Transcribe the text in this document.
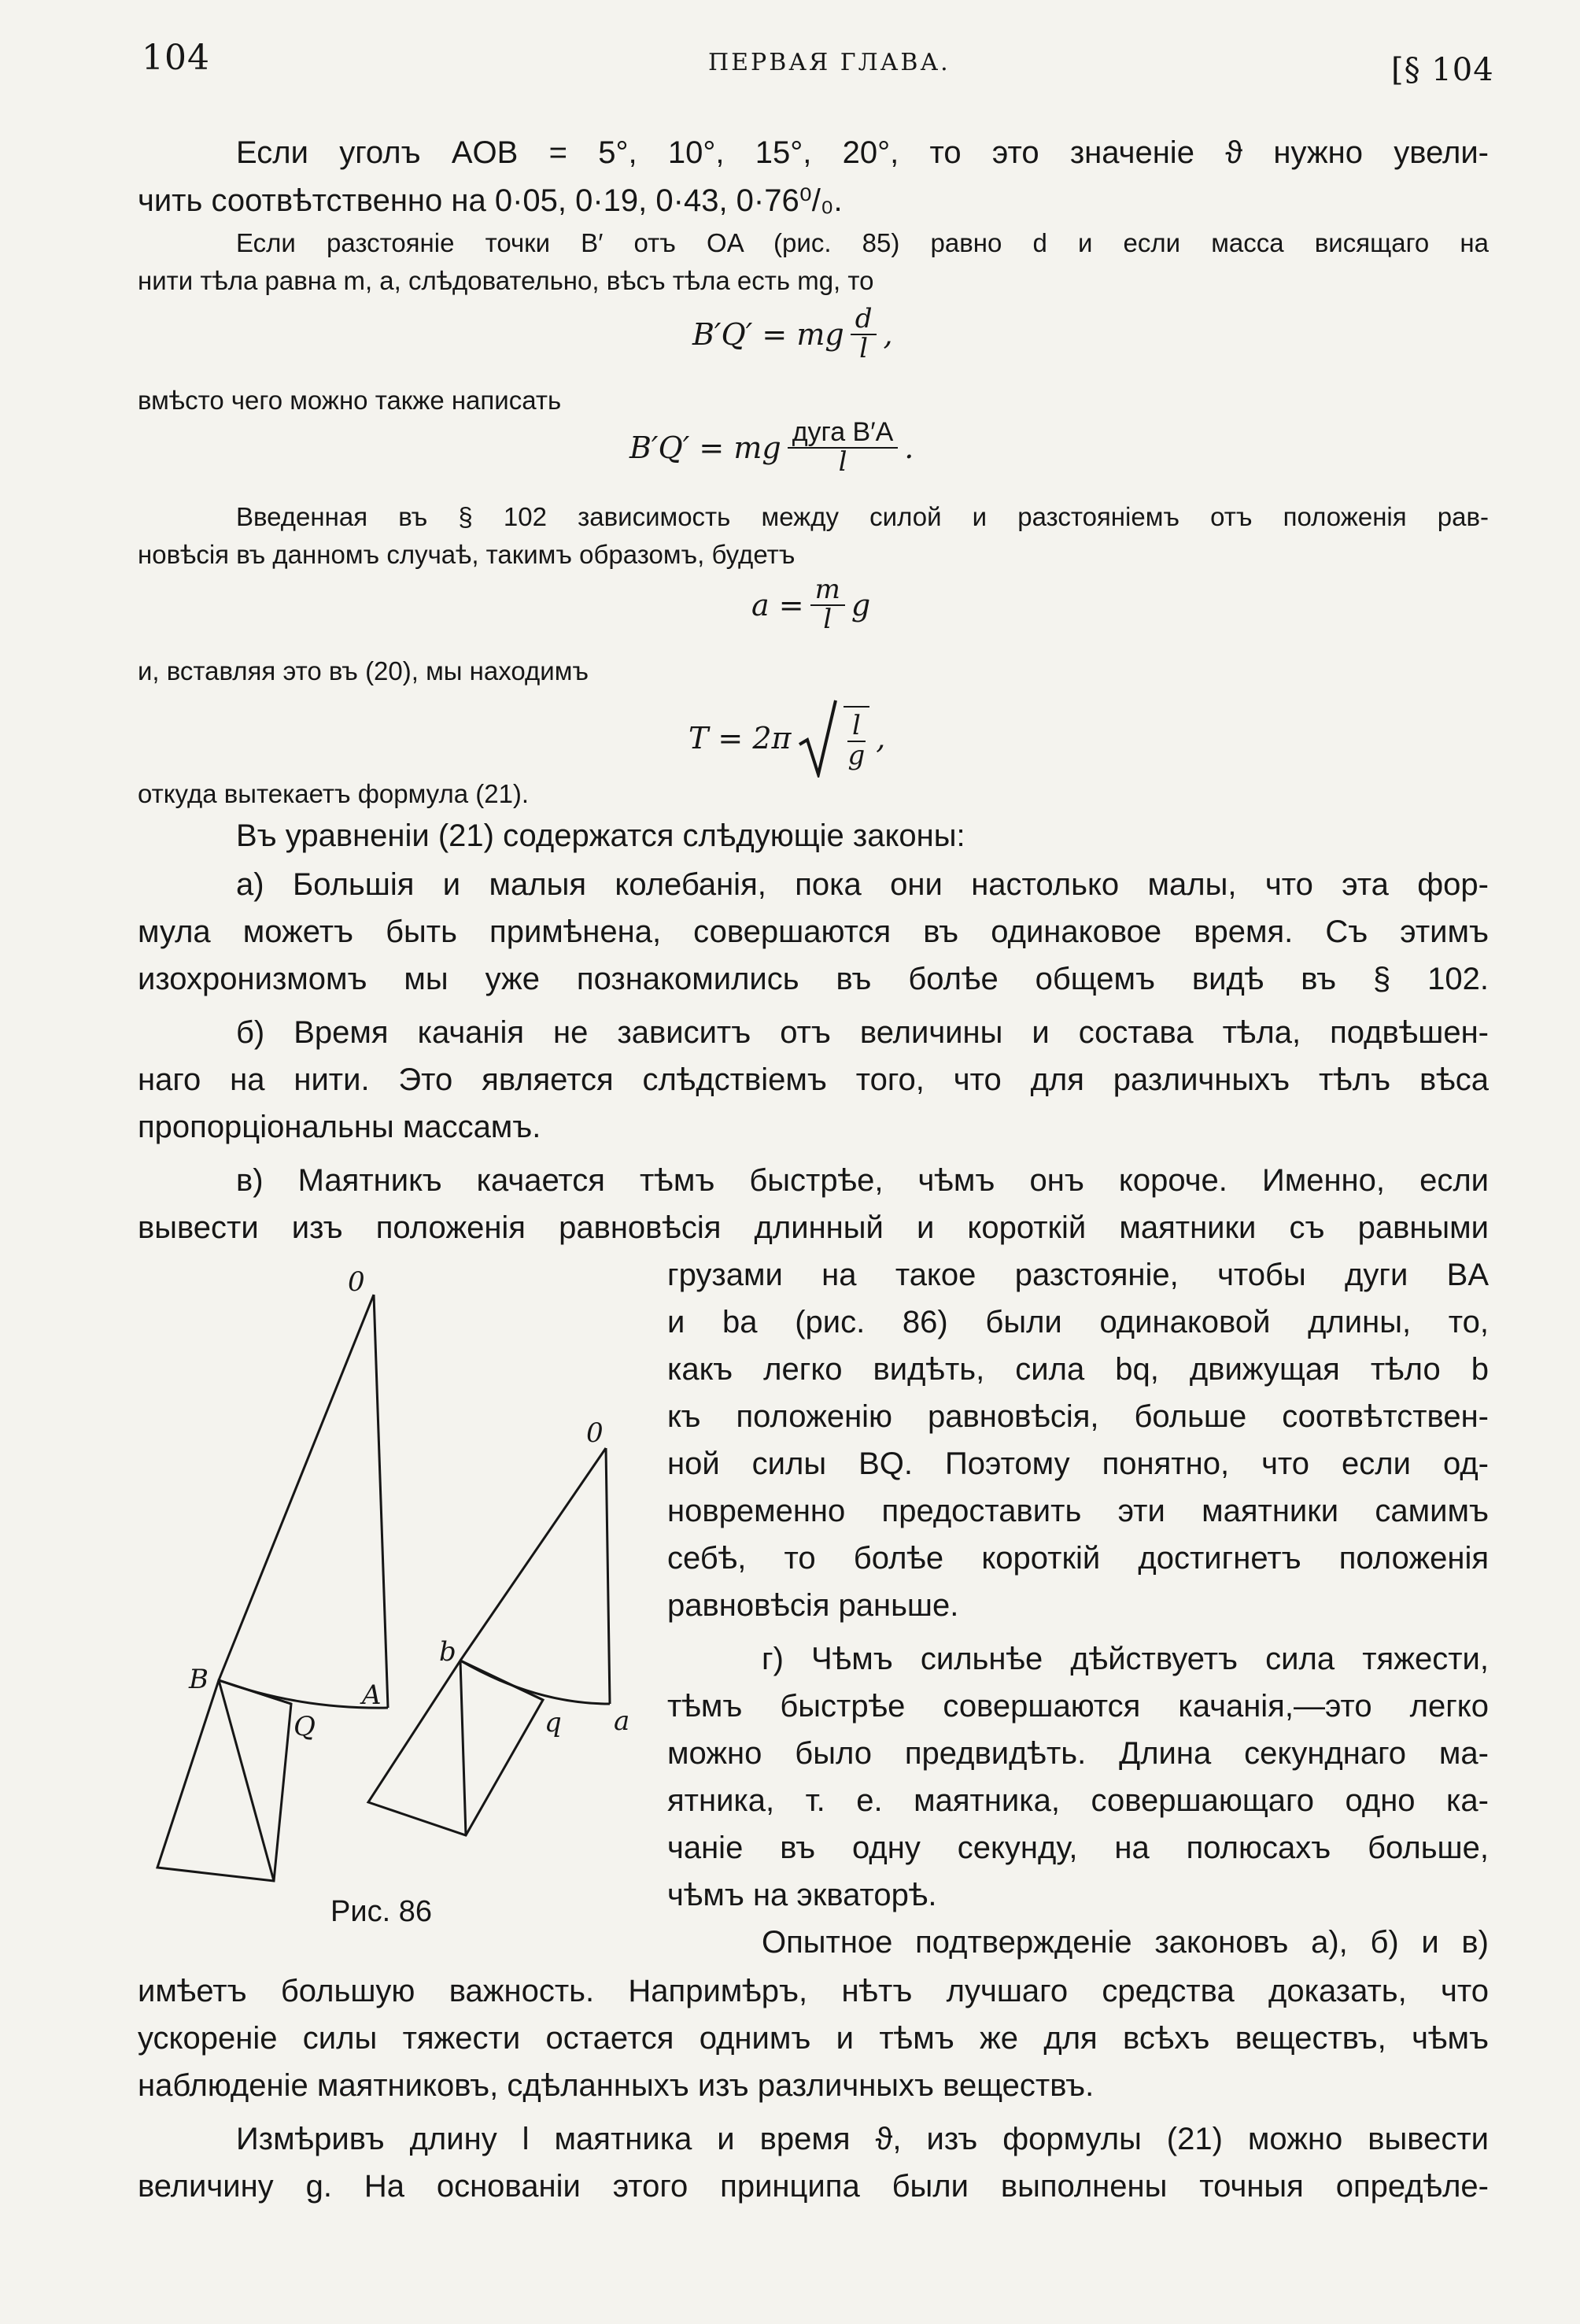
104	ПЕРВАЯ ГЛАВА.	[§ 104
Если уголъ AOB = 5°, 10°, 15°, 20°, то это значеніе ϑ нужно увели-
чить соотвѣтственно на 0·05, 0·19, 0·43, 0·76⁰/₀.
Если разстояніе точки B′ отъ OA (рис. 85) равно d и если масса висящаго на
нити тѣла равна m, а, слѣдовательно, вѣсъ тѣла есть mg, то
B′Q′ = mg $\frac{d}{l}$ ,
вмѣсто чего можно также написать
B′Q′ = mg $\frac{\text{дуга B′A}}{l}$ .
Введенная въ § 102 зависимость между силой и разстояніемъ отъ положенія рав-
новѣсія въ данномъ случаѣ, такимъ образомъ, будетъ
$a = \frac{m}{l}$ g
и, вставляя это въ (20), мы находимъ
$T = 2\pi \frac{l}{g}$ ,
откуда вытекаетъ формула (21).
Въ уравненіи (21) содержатся слѣдующіе законы:
а) Большія и малыя колебанія, пока они настолько малы, что эта фор-
мула можетъ быть примѣнена, совершаются въ одинаковое время. Съ этимъ
изохронизмомъ мы уже познакомились въ болѣе общемъ видѣ въ § 102.
б) Время качанія не зависитъ отъ величины и состава тѣла, подвѣшен-
наго на нити. Это является слѣдствіемъ того, что для различныхъ тѣлъ вѣса
пропорціональны массамъ.
в) Маятникъ качается тѣмъ быстрѣе, чѣмъ онъ короче. Именно, если
вывести изъ положенія равновѣсія длинный и короткій маятники съ равными
грузами на такое разстояніе, чтобы дуги BA
и ba (рис. 86) были одинаковой длины, то,
какъ легко видѣть, сила bq, движущая тѣло b
къ положенію равновѣсія, больше соотвѣтствен-
ной силы BQ. Поэтому понятно, что если од-
новременно предоставить эти маятники самимъ
себѣ, то болѣе короткій достигнетъ положенія
равновѣсія раньше.
г) Чѣмъ сильнѣе дѣйствуетъ сила тяжести,
тѣмъ быстрѣе совершаются качанія,—это легко
можно было предвидѣть. Длина секунднаго ма-
ятника, т. е. маятника, совершающаго одно ка-
чаніе въ одну секунду, на полюсахъ больше,
чѣмъ на экваторѣ.
0
0
B	A
Q
b
a
q
Рис. 86
Опытное подтвержденіе законовъ а), б) и в)
имѣетъ большую важность. Напримѣръ, нѣтъ лучшаго средства доказать, что
ускореніе силы тяжести остается однимъ и тѣмъ же для всѣхъ веществъ, чѣмъ
наблюденіе маятниковъ, сдѣланныхъ изъ различныхъ веществъ.
Измѣривъ длину l маятника и время ϑ, изъ формулы (21) можно вывести
величину g. На основаніи этого принципа были выполнены точныя опредѣле-
